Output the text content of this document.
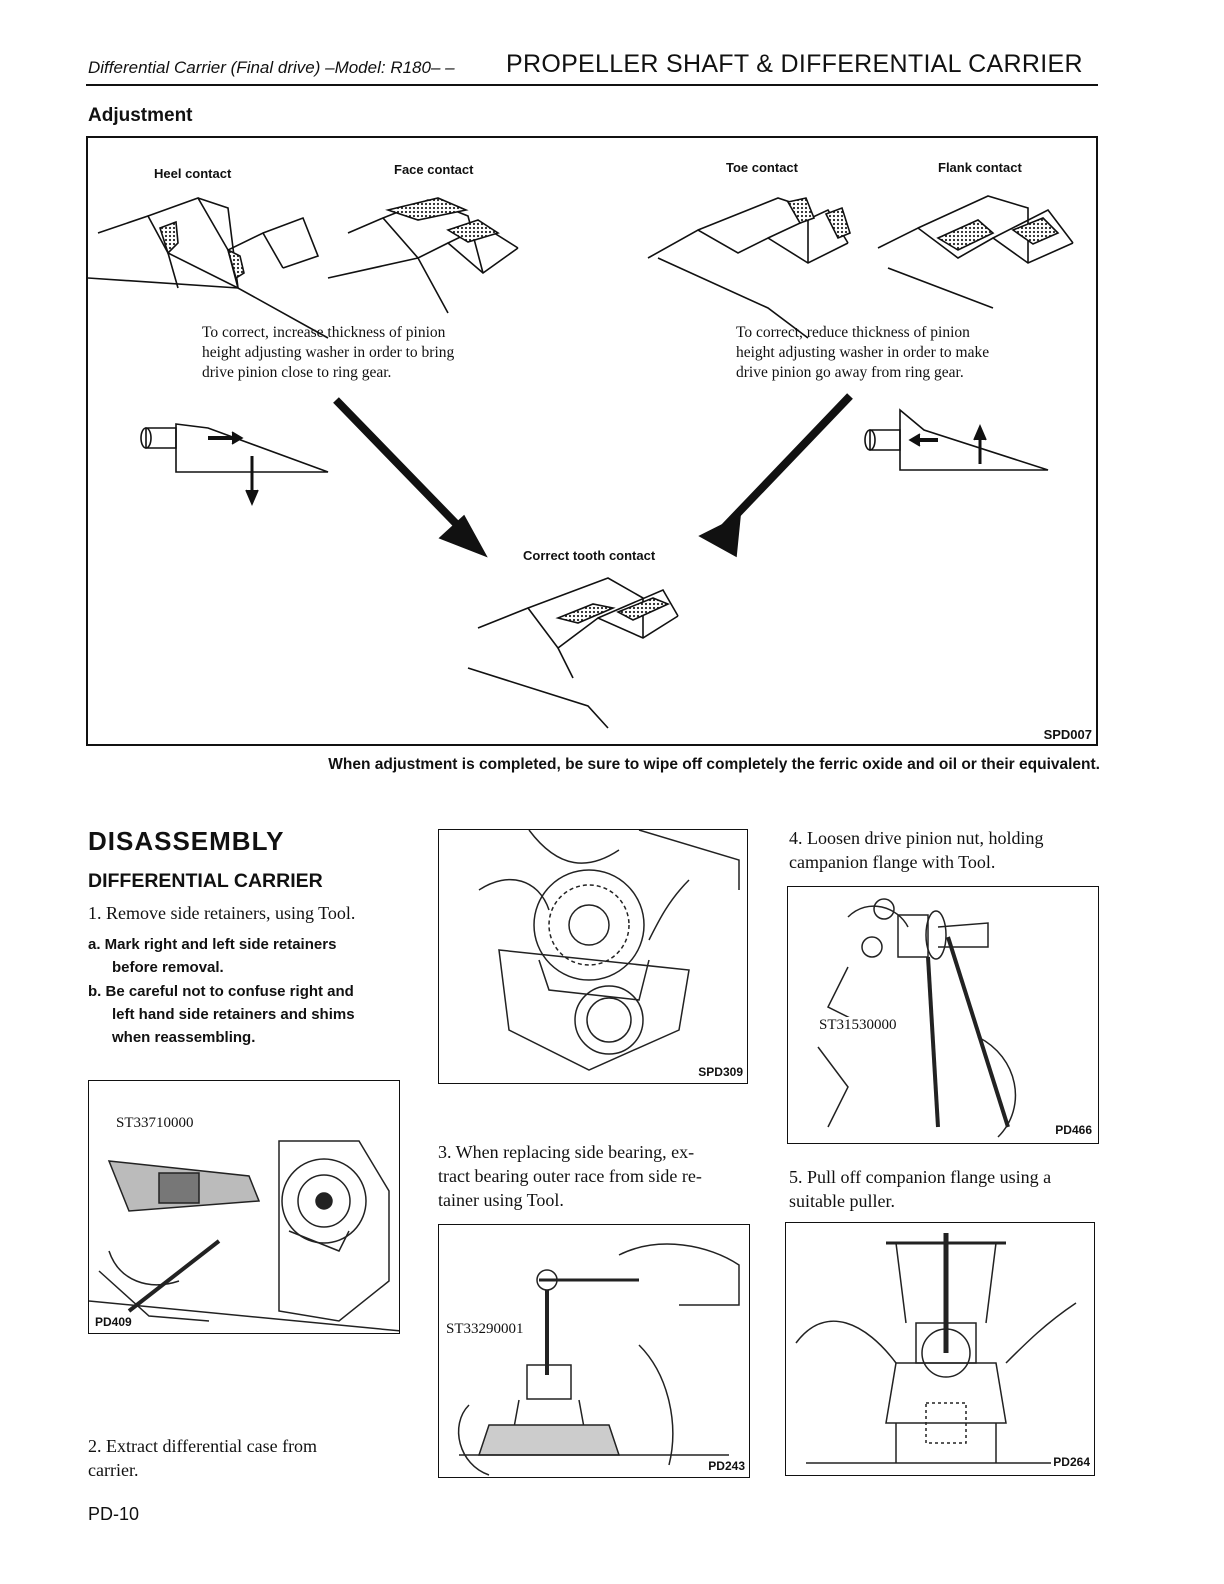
Differential Carrier (Final drive) –Model: R180– – PROPELLER SHAFT & DIFFERENTIAL CARRIER
Adjustment
Heel contact	Face contact	Toe contact	Flank contact
Correct tooth contact
To correct, increase thickness of pinion
height adjusting washer in order to bring
drive pinion close to ring gear.
To correct, reduce thickness of pinion
height adjusting washer in order to make
drive pinion go away from ring gear.
SPD007
When adjustment is completed, be sure to wipe off completely the ferric oxide and oil or their equivalent.
DISASSEMBLY
DIFFERENTIAL CARRIER
1. Remove side retainers, using Tool.
a. Mark right and left side retainers
before removal.
b. Be careful not to confuse right and
left hand side retainers and shims
when reassembling.
ST33710000
PD409
2. Extract differential case from
carrier.
SPD309
3. When replacing side bearing, ex-
tract bearing outer race from side re-
tainer using Tool.
ST33290001
PD243
4. Loosen drive pinion nut, holding
campanion flange with Tool.
ST31530000
PD466
5. Pull off companion flange using a
suitable puller.
PD264
PD-10
